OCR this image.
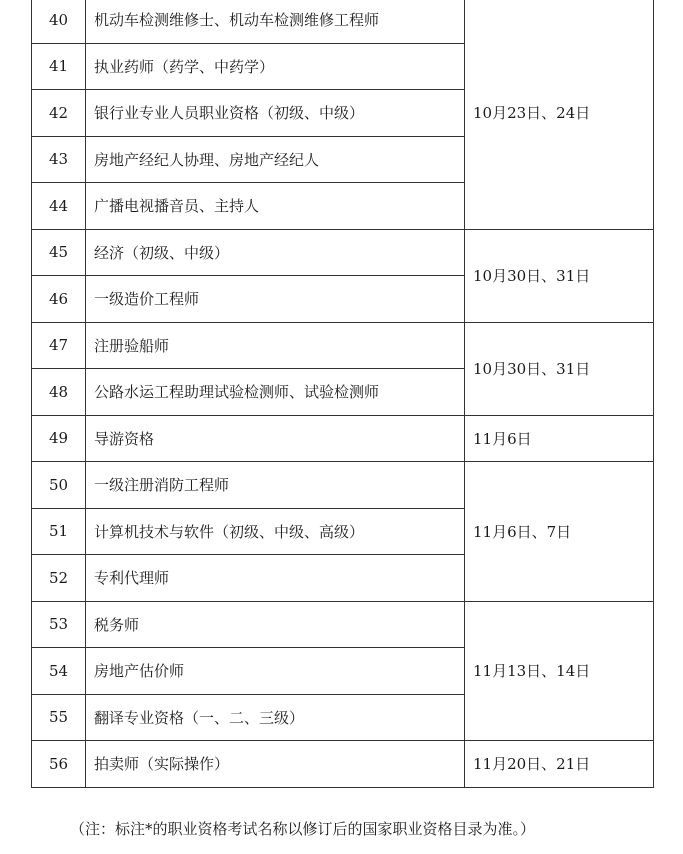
40	机动车检测维修士、机动车检测维修工程师	10月23日、24日
41	执业药师（药学、中药学）	
42	银行业专业人员职业资格（初级、中级）	
43	房地产经纪人协理、房地产经纪人	
44	广播电视播音员、主持人	
45	经济（初级、中级）	10月30日、31日
46	一级造价工程师	
47	注册验船师	10月30日、31日
48	公路水运工程助理试验检测师、试验检测师	
49	导游资格	11月6日
50	一级注册消防工程师	11月6日、7日
51	计算机技术与软件（初级、中级、高级）	
52	专利代理师	
53	税务师	11月13日、14日
54	房地产估价师	
55	翻译专业资格（一、二、三级）	
56	拍卖师（实际操作）	11月20日、21日
（注：标注*的职业资格考试名称以修订后的国家职业资格目录为准。）
